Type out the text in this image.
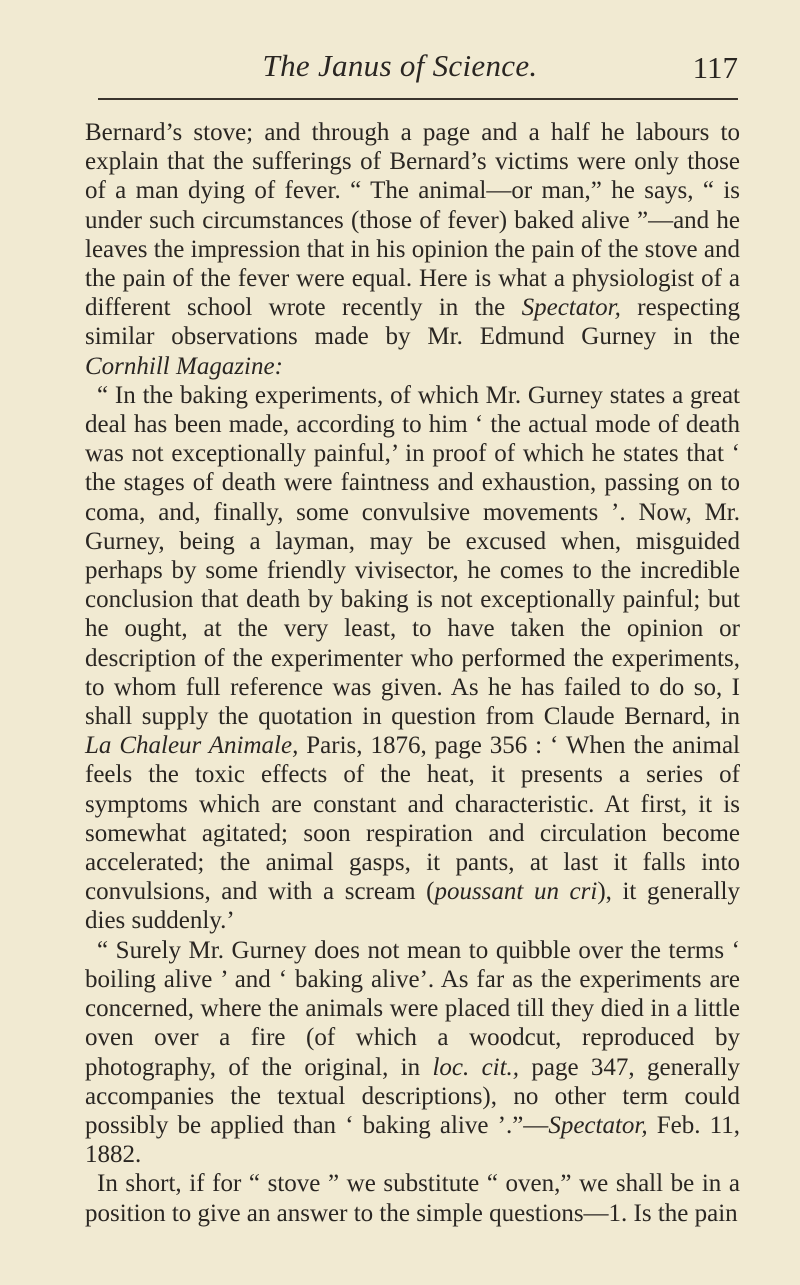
The Janus of Science.	117

Bernard’s stove; and through a page and a half he labours to explain that the sufferings of Bernard’s victims were only those of a man dying of fever. “ The animal—or man,” he says, “ is under such circumstances (those of fever) baked alive ”—and he leaves the impression that in his opinion the pain of the stove and the pain of the fever were equal. Here is what a physiologist of a different school wrote recently in the Spectator, respecting similar observations made by Mr. Edmund Gurney in the Cornhill Magazine:

“ In the baking experiments, of which Mr. Gurney states a great deal has been made, according to him ‘ the actual mode of death was not exceptionally painful,’ in proof of which he states that ‘ the stages of death were faintness and exhaustion, passing on to coma, and, finally, some convulsive movements ’. Now, Mr. Gurney, being a layman, may be excused when, misguided perhaps by some friendly vivisector, he comes to the incredible conclusion that death by baking is not exceptionally painful; but he ought, at the very least, to have taken the opinion or description of the experimenter who performed the experiments, to whom full reference was given. As he has failed to do so, I shall supply the quotation in question from Claude Bernard, in La Chaleur Animale, Paris, 1876, page 356 : ‘ When the animal feels the toxic effects of the heat, it presents a series of symptoms which are constant and characteristic. At first, it is somewhat agitated; soon respiration and circulation become accelerated; the animal gasps, it pants, at last it falls into convulsions, and with a scream (poussant un cri), it generally dies suddenly.’

“ Surely Mr. Gurney does not mean to quibble over the terms ‘ boiling alive ’ and ‘ baking alive’. As far as the experiments are concerned, where the animals were placed till they died in a little oven over a fire (of which a woodcut, reproduced by photography, of the original, in loc. cit., page 347, generally accompanies the textual descriptions), no other term could possibly be applied than ‘ baking alive ’.”—Spectator, Feb. 11, 1882.

In short, if for “ stove ” we substitute “ oven,” we shall be in a position to give an answer to the simple questions—1. Is the pain
